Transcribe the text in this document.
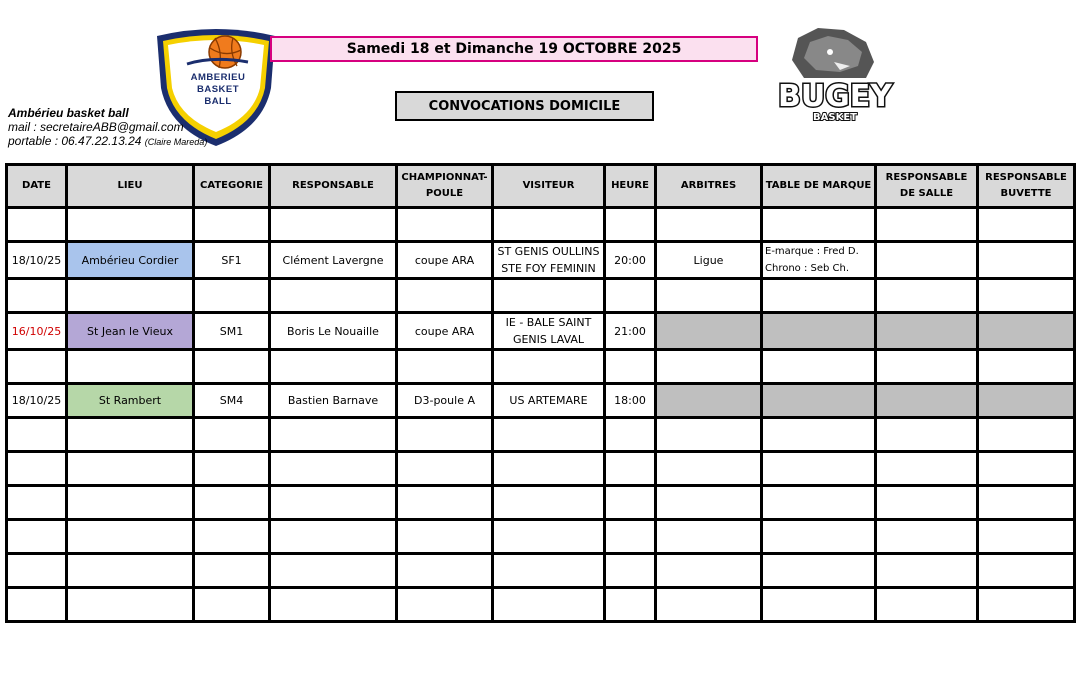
AMBERIEU
BASKET
BALL
Ambérieu basket ball
mail : secretaireABB@gmail.com
portable : 06.47.22.13.24 (Claire Mareda)
Samedi 18 et Dimanche 19 OCTOBRE 2025
CONVOCATIONS DOMICILE	BUGEY
BASKET
DATE	LIEU	CATEGORIE	RESPONSABLE	CHAMPIONNAT-POULE	VISITEUR	HEURE	ARBITRES	TABLE DE MARQUE	RESPONSABLE DE SALLE	RESPONSABLE BUVETTE

18/10/25	Ambérieu Cordier	SF1	Clément Lavergne	coupe ARA	ST GENIS OULLINS STE FOY FEMININ	20:00	Ligue	E-marque : Fred D. Chrono : Seb Ch.		

16/10/25	St Jean le Vieux	SM1	Boris Le Nouaille	coupe ARA	IE - BALE SAINT GENIS LAVAL	21:00				

18/10/25	St Rambert	SM4	Bastien Barnave	D3-poule A	US ARTEMARE	18:00				
